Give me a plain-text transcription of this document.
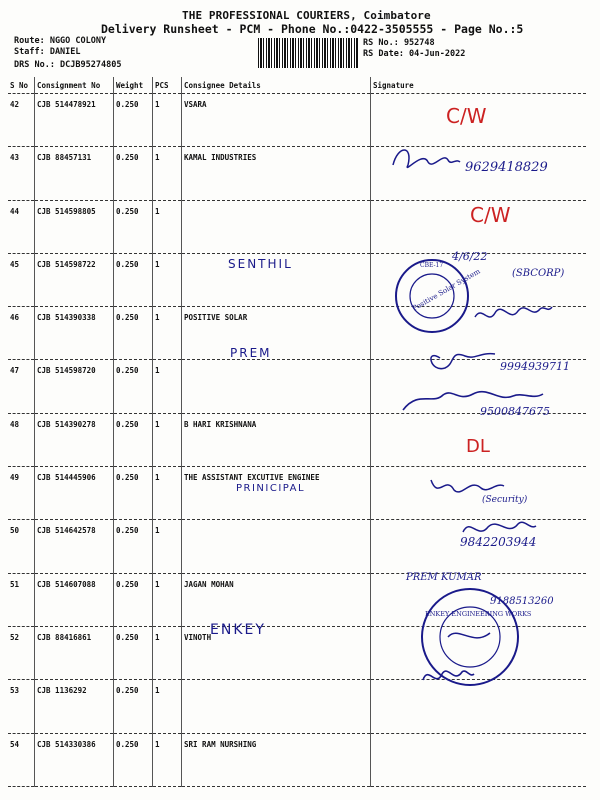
THE PROFESSIONAL COURIERS, Coimbatore
Delivery Runsheet - PCM - Phone No.:0422-3505555 - Page No.:5
Route: NGGO COLONY
Staff: DANIEL
DRS No.: DCJB95274805
RS No.: 952748
RS Date: 04-Jun-2022
S No	Consignment No	Weight	PCS	Consignee Details	Signature
42	CJB 514478921	0.250	1	VSARA	
43	CJB 88457131	0.250	1	KAMAL INDUSTRIES	
44	CJB 514598805	0.250	1		
45	CJB 514598722	0.250	1		
46	CJB 514390338	0.250	1	POSITIVE SOLAR	
47	CJB 514598720	0.250	1		
48	CJB 514390278	0.250	1	B HARI KRISHNANA	
49	CJB 514445906	0.250	1	THE ASSISTANT EXCUTIVE ENGINEE	
50	CJB 514642578	0.250	1		
51	CJB 514607088	0.250	1	JAGAN MOHAN	
52	CJB 88416861	0.250	1	VINOTH	
53	CJB 1136292	0.250	1		
54	CJB 514330386	0.250	1	SRI RAM NURSHING	
C/W
9629418829
C/W
4/6/22
SENTHIL
(SBCORP)
Positive Solar System
CBE-17
PREM
9994939711
9500847675
DL
PRINICIPAL
(Security)
9842203944
PREM KUMAR
9188513260
ENKEY
ENKEY ENGINEERING WORKS
